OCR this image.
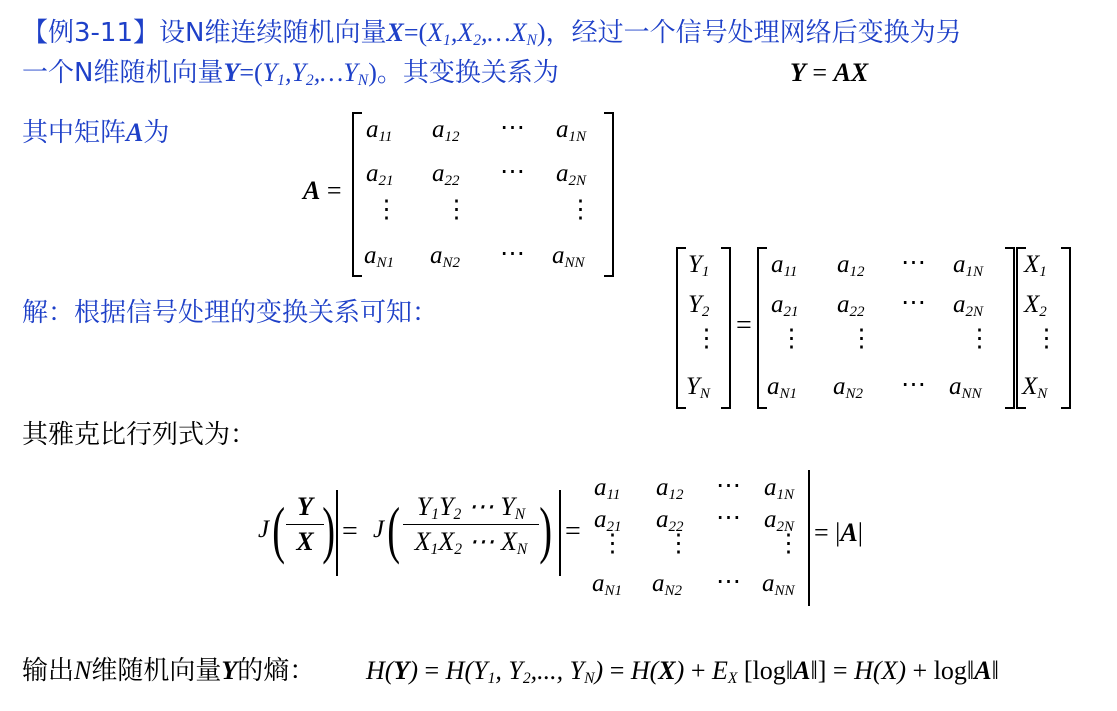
【例3-11】设N维连续随机向量$X=(X_1,X_2,\dots X_N)$，经过一个信号处理网络后变换为另
一个N维随机向量$Y=(Y_1,Y_2,\dots Y_N)$。其变换关系为	Y = AX
其中矩阵A为
A =
$a_{11}$ $a_{12}$ ⋯ $a_{1N}$
$a_{21}$ $a_{22}$ ⋯ $a_{2N}$
⋮ ⋮	⋮
$a_{N1}$ $a_{N2}$ ⋯ $a_{NN}$
解：根据信号处理的变换关系可知：
$Y_1$
$Y_2$
⋮
$Y_N$
=
$a_{11}$ $a_{12}$ ⋯ $a_{1N}$
$a_{21}$ $a_{22}$ ⋯ $a_{2N}$
⋮ ⋮	⋮
$a_{N1}$ $a_{N2}$ ⋯ $a_{NN}$
$X_1$
$X_2$
⋮
$X_N$
其雅克比行列式为：
J ( Y
X ) = J ( $Y_1Y_2$ ⋯ $Y_N$
$X_1X_2$ ⋯ $X_N$ ) =
$a_{11}$ $a_{12}$ ⋯ $a_{1N}$
$a_{21}$ $a_{22}$ ⋯ $a_{2N}$
⋮ ⋮	⋮
$a_{N1}$ $a_{N2}$ ⋯ $a_{NN}$
= |A|
输出N维随机向量Y的熵： $H(Y) = H(Y_1$, $Y_2$,..., $Y_N) = H(X) + E_X$ [log‖A‖] = H(X) + log‖A‖
